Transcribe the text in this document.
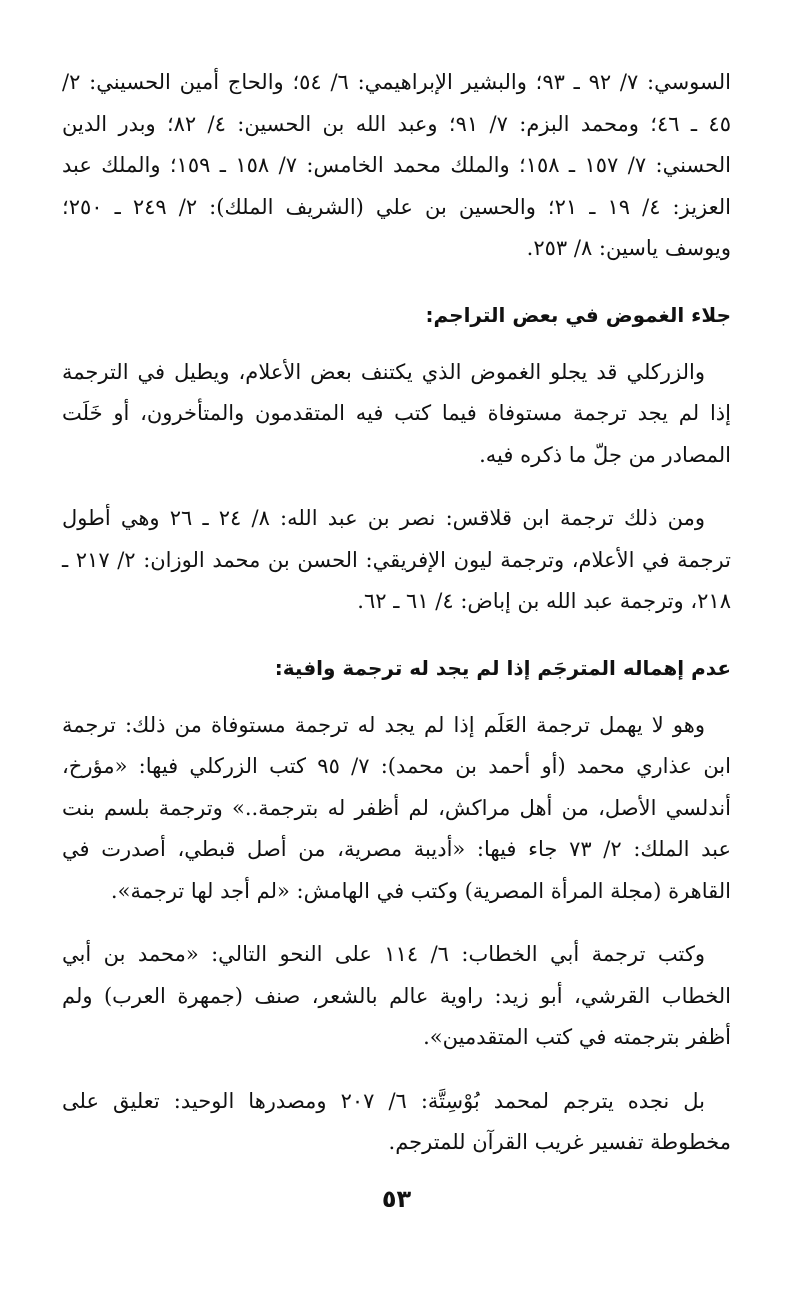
السوسي: ٧/ ٩٢ ـ ٩٣؛ والبشير الإبراهيمي: ٦/ ٥٤؛ والحاج أمين الحسيني: ٢/ ٤٥ ـ ٤٦؛ ومحمد البزم: ٧/ ٩١؛ وعبد الله بن الحسين: ٤/ ٨٢؛ وبدر الدين الحسني: ٧/ ١٥٧ ـ ١٥٨؛ والملك محمد الخامس: ٧/ ١٥٨ ـ ١٥٩؛ والملك عبد العزيز: ٤/ ١٩ ـ ٢١؛ والحسين بن علي (الشريف الملك): ٢/ ٢٤٩ ـ ٢٥٠؛ ويوسف ياسين: ٨/ ٢٥٣.

جلاء الغموض في بعض التراجم:

والزركلي قد يجلو الغموض الذي يكتنف بعض الأعلام، ويطيل في الترجمة إذا لم يجد ترجمة مستوفاة فيما كتب فيه المتقدمون والمتأخرون، أو خَلَت المصادر من جلّ ما ذكره فيه.

ومن ذلك ترجمة ابن قلاقس: نصر بن عبد الله: ٨/ ٢٤ ـ ٢٦ وهي أطول ترجمة في الأعلام، وترجمة ليون الإفريقي: الحسن بن محمد الوزان: ٢/ ٢١٧ ـ ٢١٨، وترجمة عبد الله بن إباض: ٤/ ٦١ ـ ٦٢.

عدم إهماله المترجَم إذا لم يجد له ترجمة وافية:

وهو لا يهمل ترجمة العَلَم إذا لم يجد له ترجمة مستوفاة من ذلك: ترجمة ابن عذاري محمد (أو أحمد بن محمد): ٧/ ٩٥ كتب الزركلي فيها: «مؤرخ، أندلسي الأصل، من أهل مراكش، لم أظفر له بترجمة..» وترجمة بلسم بنت عبد الملك: ٢/ ٧٣ جاء فيها: «أديبة مصرية، من أصل قبطي، أصدرت في القاهرة (مجلة المرأة المصرية) وكتب في الهامش: «لم أجد لها ترجمة».

وكتب ترجمة أبي الخطاب: ٦/ ١١٤ على النحو التالي: «محمد بن أبي الخطاب القرشي، أبو زيد: راوية عالم بالشعر، صنف (جمهرة العرب) ولم أظفر بترجمته في كتب المتقدمين».

بل نجده يترجم لمحمد بُوْسِتَّة: ٦/ ٢٠٧ ومصدرها الوحيد: تعليق على مخطوطة تفسير غريب القرآن للمترجم.

٥٣
